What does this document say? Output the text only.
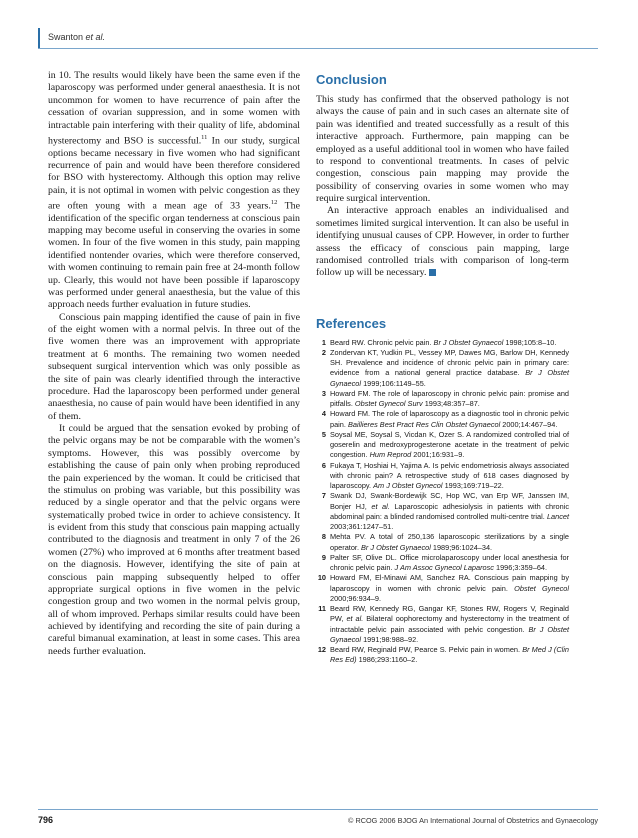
Swanton et al.

in 10. The results would likely have been the same even if the laparoscopy was performed under general anaesthesia. It is not uncommon for women to have recurrence of pain after the cessation of ovarian suppression, and in some women with intractable pain interfering with their quality of life, abdominal hysterectomy and BSO is successful.$^{11}$ In our study, surgical options became necessary in five women who had significant recurrence of pain and would have been therefore considered for BSO with hysterectomy. Although this option may relive pain, it is not optimal in women with pelvic congestion as they are often young with a mean age of 33 years.$^{12}$ The identification of the specific organ tenderness at conscious pain mapping may become useful in conserving the ovaries in some women. In four of the five women in this study, pain mapping identified nontender ovaries, which were therefore conserved, with women continuing to remain pain free at 24-month follow up. Clearly, this would not have been possible if laparoscopy was performed under general anaesthesia, but the value of this approach needs further evaluation in future studies.

Conscious pain mapping identified the cause of pain in five of the eight women with a normal pelvis. In three out of the five women there was an improvement with appropriate treatment at 6 months. The remaining two women needed subsequent surgical intervention which was only possible as the site of pain was clearly identified through the interactive procedure. Had the laparoscopy been performed under general anaesthesia, no cause of pain would have been identified in any of them.

It could be argued that the sensation evoked by probing of the pelvic organs may be not be comparable with the women’s symptoms. However, this was possibly overcome by establishing the cause of pain only when probing reproduced the pain experienced by the woman. It could be criticised that the stimulus on probing was variable, but this possibility was reduced by a single operator and that the pelvic organs were systematically probed twice in order to achieve consistency. It is evident from this study that conscious pain mapping actually contributed to the diagnosis and treatment in only 7 of the 26 women (27%) who improved at 6 months after treatment based on the diagnosis. However, identifying the site of pain at conscious pain mapping subsequently helped to offer appropriate surgical options in five women in the pelvic congestion group and two women in the normal pelvis group, all of whom improved. Perhaps similar results could have been achieved by identifying and recording the site of pain during a careful bimanual examination, at least in some cases. This area needs further evaluation.

Conclusion

This study has confirmed that the observed pathology is not always the cause of pain and in such cases an alternate site of pain was identified and treated successfully as a result of this interactive approach. Furthermore, pain mapping can be employed as a useful additional tool in women who have failed to respond to conventional treatments. In cases of pelvic congestion, conscious pain mapping may provide the possibility of conserving ovaries in some women who may require surgical intervention.

An interactive approach enables an individualised and sometimes limited surgical intervention. It can also be useful in identifying unusual causes of CPP. However, in order to further assess the efficacy of conscious pain mapping, large randomised controlled trials with comparison of long-term follow up will be necessary.

References
1 Beard RW. Chronic pelvic pain. Br J Obstet Gynaecol 1998;105:8–10.
2 Zondervan KT, Yudkin PL, Vessey MP, Dawes MG, Barlow DH, Kennedy SH. Prevalence and incidence of chronic pelvic pain in primary care: evidence from a national general practice database. Br J Obstet Gynaecol 1999;106:1149–55.
3 Howard FM. The role of laparoscopy in chronic pelvic pain: promise and pitfalls. Obstet Gynecol Surv 1993;48:357–87.
4 Howard FM. The role of laparoscopy as a diagnostic tool in chronic pelvic pain. Baillieres Best Pract Res Clin Obstet Gynaecol 2000;14:467–94.
5 Soysal ME, Soysal S, Vicdan K, Ozer S. A randomized controlled trial of goserelin and medroxyprogesterone acetate in the treatment of pelvic congestion. Hum Reprod 2001;16:931–9.
6 Fukaya T, Hoshiai H, Yajima A. Is pelvic endometriosis always associated with chronic pain? A retrospective study of 618 cases diagnosed by laparoscopy. Am J Obstet Gynecol 1993;169:719–22.
7 Swank DJ, Swank-Bordewijk SC, Hop WC, van Erp WF, Janssen IM, Bonjer HJ, et al. Laparoscopic adhesiolysis in patients with chronic abdominal pain: a blinded randomised controlled multi-centre trial. Lancet 2003;361:1247–51.
8 Mehta PV. A total of 250,136 laparoscopic sterilizations by a single operator. Br J Obstet Gynaecol 1989;96:1024–34.
9 Palter SF, Olive DL. Office microlaparoscopy under local anesthesia for chronic pelvic pain. J Am Assoc Gynecol Laparosc 1996;3:359–64.
10 Howard FM, El-Minawi AM, Sanchez RA. Conscious pain mapping by laparoscopy in women with chronic pelvic pain. Obstet Gynecol 2000;96:934–9.
11 Beard RW, Kennedy RG, Gangar KF, Stones RW, Rogers V, Reginald PW, et al. Bilateral oophorectomy and hysterectomy in the treatment of intractable pelvic pain associated with pelvic congestion. Br J Obstet Gynaecol 1991;98:988–92.
12 Beard RW, Reginald PW, Pearce S. Pelvic pain in women. Br Med J (Clin Res Ed) 1986;293:1160–2.
796	© RCOG 2006 BJOG An International Journal of Obstetrics and Gynaecology
